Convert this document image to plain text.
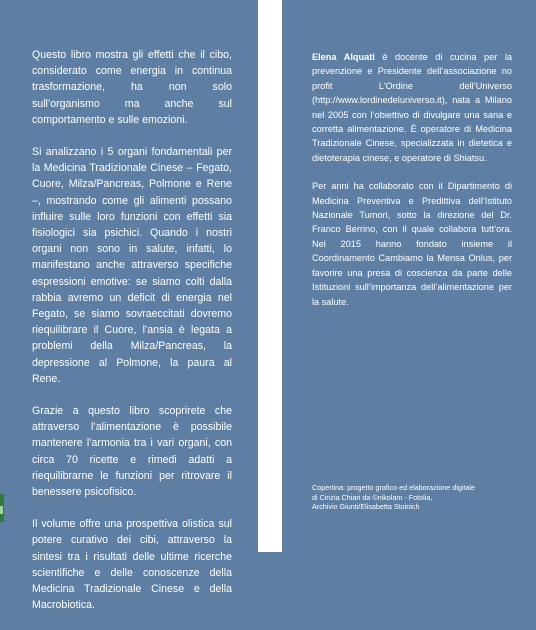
Questo libro mostra gli effetti che il cibo, considerato come energia in continua trasformazione, ha non solo sull’organismo ma anche sul comportamento e sulle emozioni.

Si analizzano i 5 organi fondamentali per la Medicina Tradizionale Cinese – Fegato, Cuore, Milza/Pancreas, Polmone e Rene –, mostrando come gli alimenti possano influire sulle loro funzioni con effetti sia fisiologici sia psichici. Quando i nostri organi non sono in salute, infatti, lo manifestano anche attraverso specifiche espressioni emotive: se siamo colti dalla rabbia avremo un deficit di energia nel Fegato, se siamo sovraeccitati dovremo riequilibrare il Cuore, l’ansia è legata a problemi della Milza/Pancreas, la depressione al Polmone, la paura al Rene.

Grazie a questo libro scoprirete che attraverso l’alimentazione è possibile mantenere l’armonia tra i vari organi, con circa 70 ricette e rimedi adatti a riequilibrarne le funzioni per ritrovare il benessere psicofisico.

Il volume offre una prospettiva olistica sul potere curativo dei cibi, attraverso la sintesi tra i risultati delle ultime ricerche scientifiche e delle conoscenze della Medicina Tradizionale Cinese e della Macrobiotica.

Elena Alquati è docente di cucina per la prevenzione e Presidente dell’associazione no profit L’Ordine dell’Universo (http://www.lordinedeluniverso.it), nata a Milano nel 2005 con l’obiettivo di divulgare una sana e corretta alimentazione. È operatore di Medicina Tradizionale Cinese, specializzata in dietetica e dietoterapia cinese, e operatore di Shiatsu.

Per anni ha collaborato con il Dipartimento di Medicina Preventiva e Predittiva dell’Istituto Nazionale Tumori, sotto la direzione del Dr. Franco Berrino, con il quale collabora tutt’ora. Nel 2015 hanno fondato insieme il Coordinamento Cambiamo la Mensa Onlus, per favorire una presa di coscienza da parte delle Istituzioni sull’importanza dell’alimentazione per la salute.

Copertina: progetto grafico ed elaborazione digitale
di Cinzia Chiari da ©nikolam - Fotolia,
Archivio Giunti/Elisabetta Stoinich
